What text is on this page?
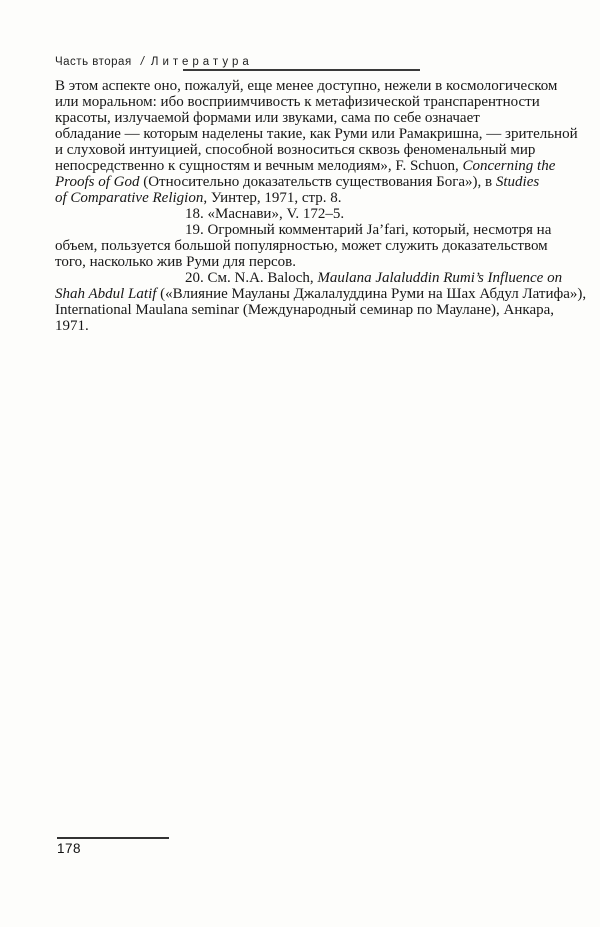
Часть вторая / Литература
В этом аспекте оно, пожалуй, еще менее доступно, нежели в космологическом
или моральном: ибо восприимчивость к метафизической транспарентности
красоты, излучаемой формами или звуками, сама по себе означает
обладание — которым наделены такие, как Руми или Рамакришна, — зрительной
и слуховой интуицией, способной возноситься сквозь феноменальный мир
непосредственно к сущностям и вечным мелодиям», F. Schuon, Concerning the
Proofs of God (Относительно доказательств существования Бога»), в Studies
of Comparative Religion, Уинтер, 1971, стр. 8.
18. «Маснави», V. 172–5.
19. Огромный комментарий Ja’fari, который, несмотря на
объем, пользуется большой популярностью, может служить доказательством
того, насколько жив Руми для персов.
20. См. N.A. Baloch, Maulana Jalaluddin Rumi’s Influence on
Shah Abdul Latif («Влияние Мауланы Джалалуддина Руми на Шах Абдул Латифа»),
International Maulana seminar (Международный семинар по Маулане), Анкара,
1971.
178
